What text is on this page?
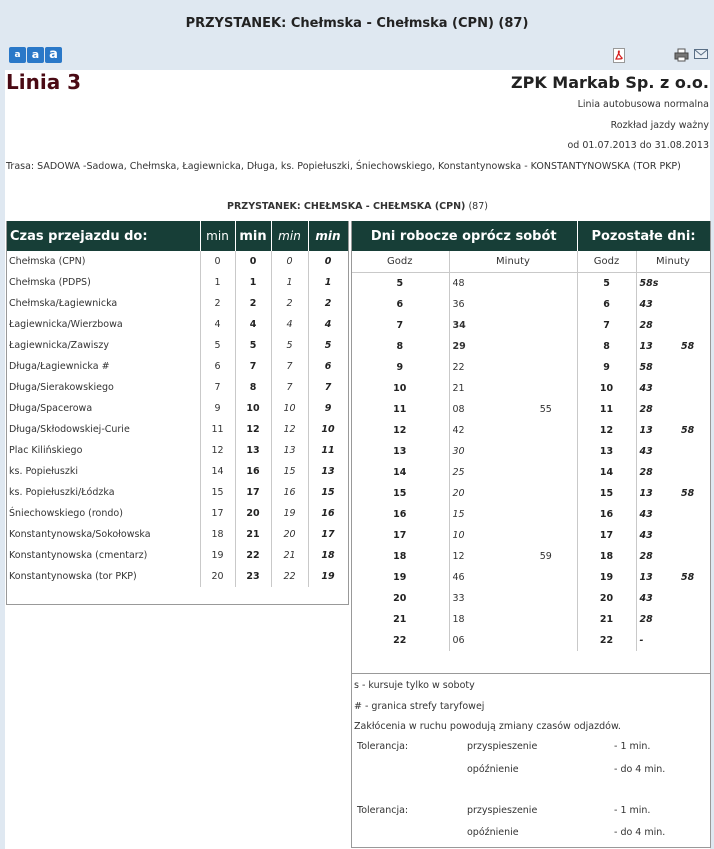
PRZYSTANEK: Chełmska - Chełmska (CPN) (87)
a	a a
Linia 3	ZPK Markab Sp. z o.o.
Linia autobusowa normalna
Rozkład jazdy ważny
od 01.07.2013 do 31.08.2013
Trasa: SADOWA -Sadowa, Chełmska, Łagiewnicka, Długa, ks. Popiełuszki, Śniechowskiego, Konstantynowska - KONSTANTYNOWSKA (TOR PKP)
PRZYSTANEK: CHEŁMSKA - CHEŁMSKA (CPN) (87)
Czas przejazdu do:	min	min	min	min
Chełmska (CPN)	0	0	0	0
Chełmska (PDPS)	1	1	1	1
Chełmska/Łagiewnicka	2	2	2	2
Łagiewnicka/Wierzbowa	4	4	4	4
Łagiewnicka/Zawiszy	5	5	5	5
Długa/Łagiewnicka #	6	7	7	6
Długa/Sierakowskiego	7	8	7	7
Długa/Spacerowa	9	10	10	9
Długa/Skłodowskiej-Curie	11	12	12	10
Plac Kilińskiego	12	13	13	11
ks. Popiełuszki	14	16	15	13
ks. Popiełuszki/Łódzka	15	17	16	15
Śniechowskiego (rondo)	17	20	19	16
Konstantynowska/Sokołowska	18	21	20	17
Konstantynowska (cmentarz)	19	22	21	18
Konstantynowska (tor PKP)	20	23	22	19
Dni robocze oprócz sobót			Pozostałe dni:		
Godz	Minuty		Godz	Minuty	
5	48		5	58s	
6	36		6	43	
7	34		7	28	
8	29		8	13	58
9	22		9	58	
10	21		10	43	
11	08	55	11	28	
12	42		12	13	58
13	30		13	43	
14	25		14	28	
15	20		15	13	58
16	15		16	43	
17	10		17	43	
18	12	59	18	28	
19	46		19	13	58
20	33		20	43	
21	18		21	28	
22	06		22	-	
s - kursuje tylko w soboty
# - granica strefy taryfowej
Zakłócenia w ruchu powodują zmiany czasów odjazdów.
Tolerancja:	przyspieszenie	- 1 min.
opóźnienie	- do 4 min.
Tolerancja:	przyspieszenie	- 1 min.
opóźnienie	- do 4 min.
